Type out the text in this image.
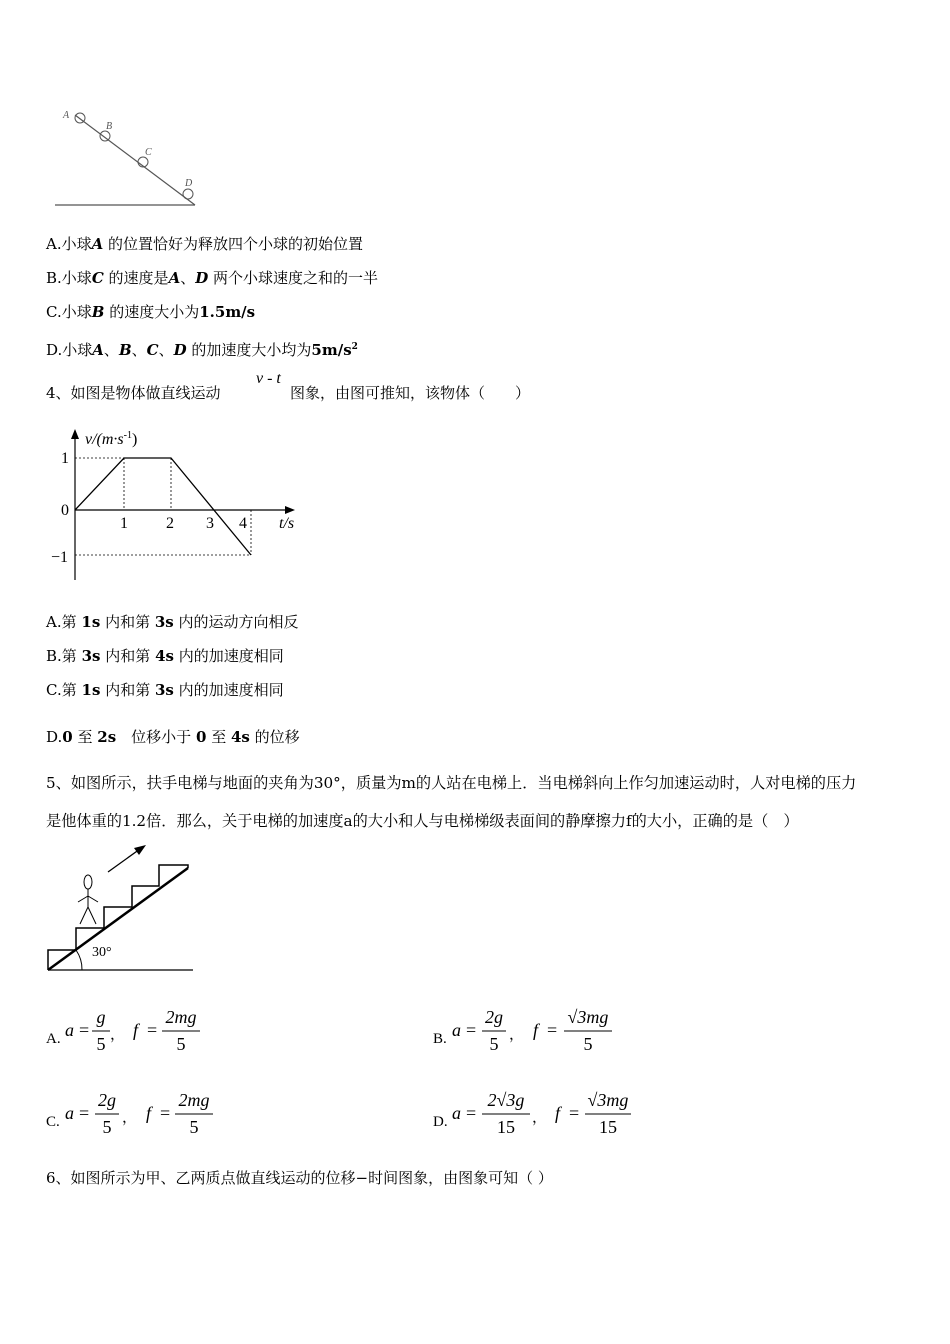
A
B
C
D
A.小球A 的位置恰好为释放四个小球的初始位置
B.小球C 的速度是A、D 两个小球速度之和的一半
C.小球B 的速度大小为1.5m/s
D.小球A、B、C、D 的加速度大小均为$5m/s^2$
4、如图是物体做直线运动
v - t
图象，由图可推知，该物体（　　）
1
0
−1
1 2 3 4 t/s
$v/(m\cdot s^{-1})$
A.第 1s 内和第 3s 内的运动方向相反
B.第 3s 内和第 4s 内的加速度相同
C.第 1s 内和第 3s 内的加速度相同
D.0 至 2s　位移小于 0 至 4s 的位移
5、如图所示，扶手电梯与地面的夹角为30°，质量为m的人站在电梯上．当电梯斜向上作匀加速运动时，人对电梯的压力
是他体重的1.2倍．那么，关于电梯的加速度a的大小和人与电梯梯级表面间的静摩擦力f的大小，正确的是（　）
30°
A. a =
g
5 ， f =
2mg
5	B. a =
2g
5 ， f =
√3mg
5
C. a =
2g
5 ， f =
2mg
5	D. a =
2√3g
15 ， f =
√3mg
15
6、如图所示为甲、乙两质点做直线运动的位移−时间图象，由图象可知（ ）
